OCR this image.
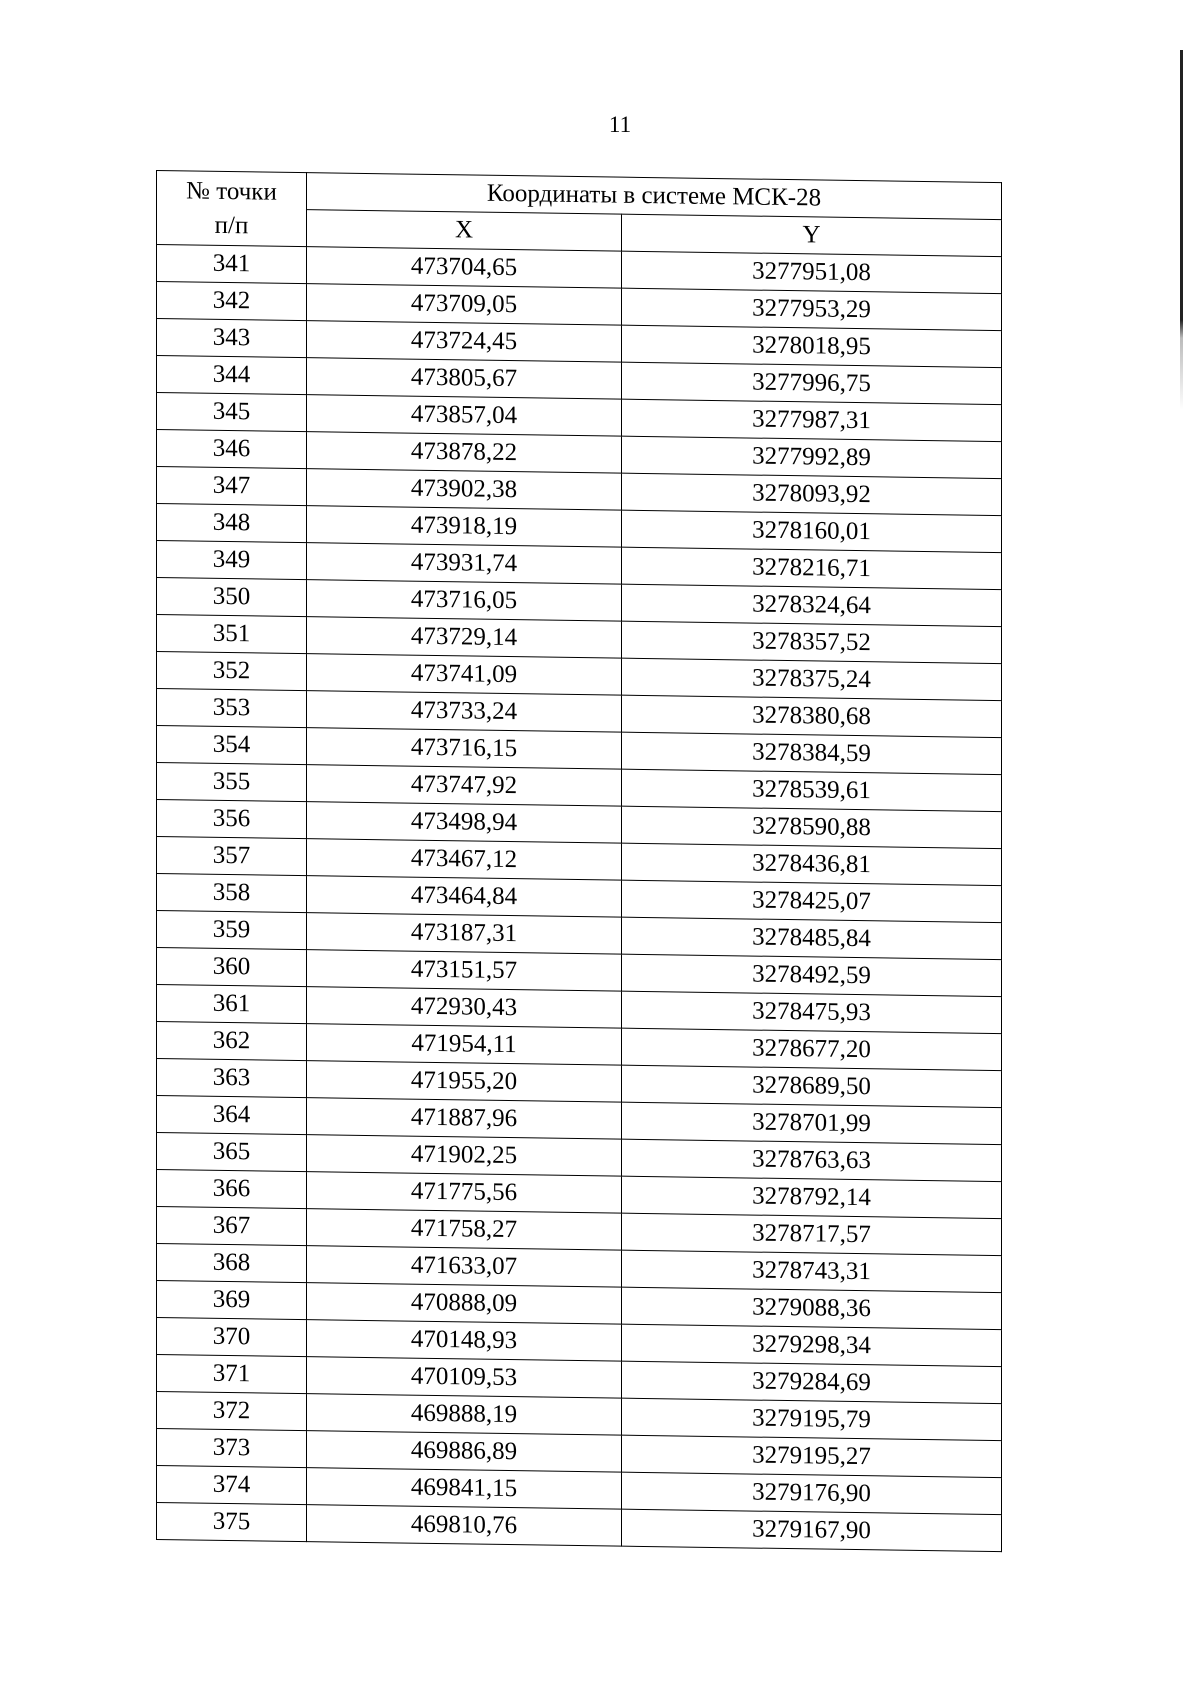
11
№ точки
п/п	Координаты в системе МСК-28	
	X	Y
341	473704,65	3277951,08
342	473709,05	3277953,29
343	473724,45	3278018,95
344	473805,67	3277996,75
345	473857,04	3277987,31
346	473878,22	3277992,89
347	473902,38	3278093,92
348	473918,19	3278160,01
349	473931,74	3278216,71
350	473716,05	3278324,64
351	473729,14	3278357,52
352	473741,09	3278375,24
353	473733,24	3278380,68
354	473716,15	3278384,59
355	473747,92	3278539,61
356	473498,94	3278590,88
357	473467,12	3278436,81
358	473464,84	3278425,07
359	473187,31	3278485,84
360	473151,57	3278492,59
361	472930,43	3278475,93
362	471954,11	3278677,20
363	471955,20	3278689,50
364	471887,96	3278701,99
365	471902,25	3278763,63
366	471775,56	3278792,14
367	471758,27	3278717,57
368	471633,07	3278743,31
369	470888,09	3279088,36
370	470148,93	3279298,34
371	470109,53	3279284,69
372	469888,19	3279195,79
373	469886,89	3279195,27
374	469841,15	3279176,90
375	469810,76	3279167,90
